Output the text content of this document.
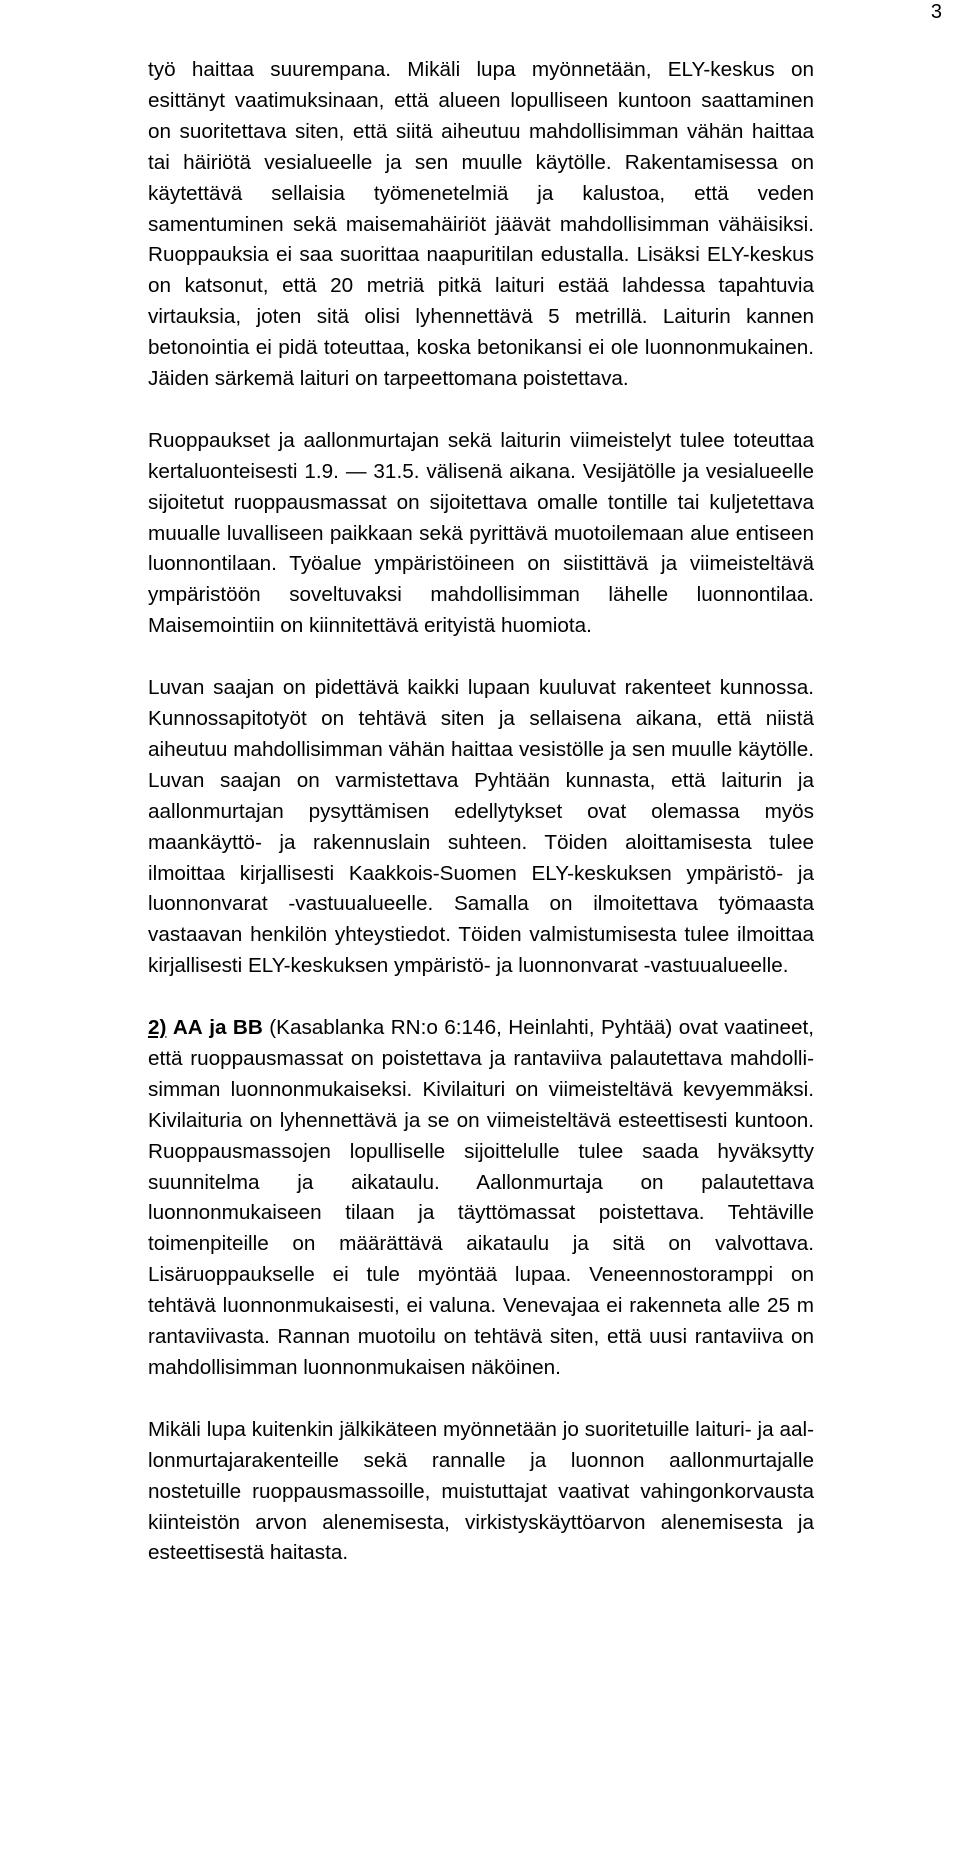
3

työ haittaa suurempana. Mikäli lupa myönnetään, ELY-keskus on esittänyt vaatimuksinaan, että alueen lopulliseen kuntoon saattaminen on suoritettava siten, että siitä aiheutuu mahdollisimman vähän haittaa tai häiriötä vesialueelle ja sen muulle käytölle. Rakentamisessa on käytettävä sellaisia työmenetelmiä ja kalustoa, että veden samentuminen sekä maisemahäiriöt jäävät mahdollisimman vähäisiksi. Ruoppauksia ei saa suorittaa naapuritilan edustalla. Lisäksi ELY-keskus on katsonut, että 20 metriä pitkä laituri estää lahdessa tapahtuvia virtauksia, joten sitä olisi lyhennettävä 5 metrillä. Laiturin kannen betonointia ei pidä toteuttaa, koska betonikansi ei ole luonnonmukainen. Jäiden särkemä laituri on tarpeettomana poistettava.

Ruoppaukset ja aallonmurtajan sekä laiturin viimeistelyt tulee toteuttaa kertaluonteisesti 1.9. — 31.5. välisenä aikana. Vesijätölle ja vesialueelle sijoitetut ruoppausmassat on sijoitettava omalle tontille tai kuljetettava muualle luvalliseen paikkaan sekä pyrittävä muotoilemaan alue entiseen luonnontilaan. Työalue ympäristöineen on siistittävä ja viimeisteltävä ympäristöön soveltuvaksi mahdollisimman lähelle luonnontilaa. Maisemointiin on kiinnitettävä erityistä huomiota.

Luvan saajan on pidettävä kaikki lupaan kuuluvat rakenteet kunnossa. Kunnossapitotyöt on tehtävä siten ja sellaisena aikana, että niistä aiheutuu mahdollisimman vähän haittaa vesistölle ja sen muulle käytölle. Luvan saajan on varmistettava Pyhtään kunnasta, että laiturin ja aallonmurtajan pysyttämisen edellytykset ovat olemassa myös maankäyttö- ja rakennuslain suhteen. Töiden aloittamisesta tulee ilmoittaa kirjallisesti Kaakkois-Suomen ELY-keskuksen ympäristö- ja luonnonvarat -vastuualueelle. Samalla on ilmoitettava työmaasta vastaavan henkilön yhteystiedot. Töiden valmistumisesta tulee ilmoittaa kirjallisesti ELY-keskuksen ympäristö- ja luonnonvarat -vastuualueelle.

2) AA ja BB (Kasablanka RN:o 6:146, Heinlahti, Pyhtää) ovat vaatineet, että ruoppausmassat on poistettava ja rantaviiva palautettava mahdollisimman luonnonmukaiseksi. Kivilaituri on viimeisteltävä kevyemmäksi. Kivilaituria on lyhennettävä ja se on viimeisteltävä esteettisesti kuntoon. Ruoppausmassojen lopulliselle sijoittelulle tulee saada hyväksytty suunnitelma ja aikataulu. Aallonmurtaja on palautettava luonnonmukaiseen tilaan ja täyttömassat poistettava. Tehtäville toimenpiteille on määrättävä aikataulu ja sitä on valvottava. Lisäruoppaukselle ei tule myöntää lupaa. Veneennostoramppi on tehtävä luonnonmukaisesti, ei valuna. Venevajaa ei rakenneta alle 25 m rantaviivasta. Rannan muotoilu on tehtävä siten, että uusi rantaviiva on mahdollisimman luonnonmukaisen näköinen.

Mikäli lupa kuitenkin jälkikäteen myönnetään jo suoritetuille laituri- ja aallonmurtajarakenteille sekä rannalle ja luonnon aallonmurtajalle nostetuille ruoppausmassoille, muistuttajat vaativat vahingonkorvausta kiinteistön arvon alenemisesta, virkistyskäyttöarvon alenemisesta ja esteettisestä haitasta.
